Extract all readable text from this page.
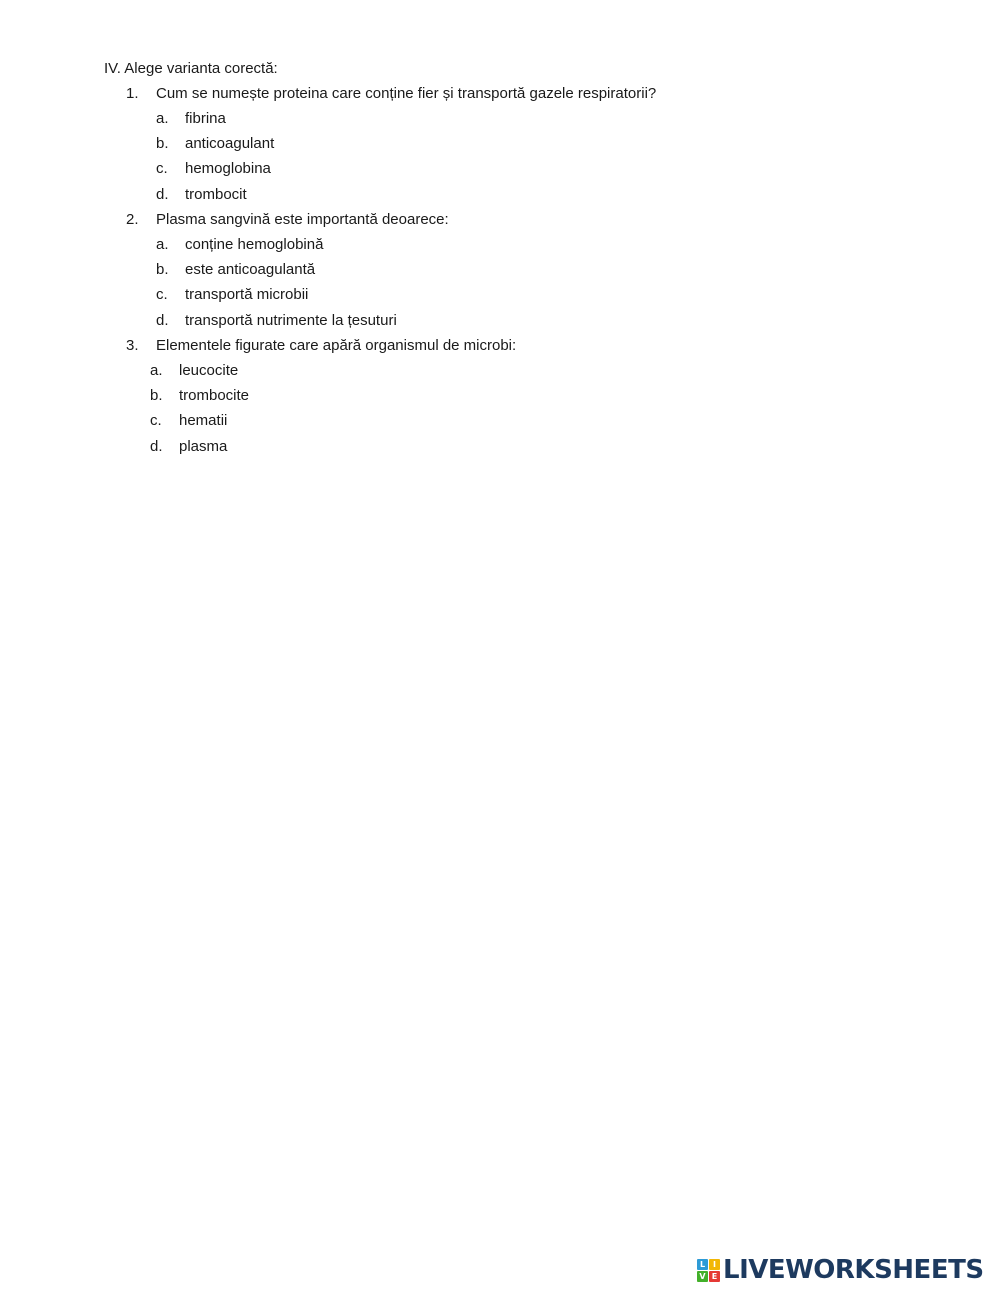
IV. Alege varianta corectă:
1. Cum se numește proteina care conține fier și transportă gazele respiratorii?
a. fibrina
b. anticoagulant
c. hemoglobina
d. trombocit
2. Plasma sangvină este importantă deoarece:
a. conține hemoglobină
b. este anticoagulantă
c. transportă microbii
d. transportă nutrimente la țesuturi
3. Elementele figurate care apără organismul de microbi:
a. leucocite
b. trombocite
c. hematii
d. plasma
L I
V E LIVEWORKSHEETS
